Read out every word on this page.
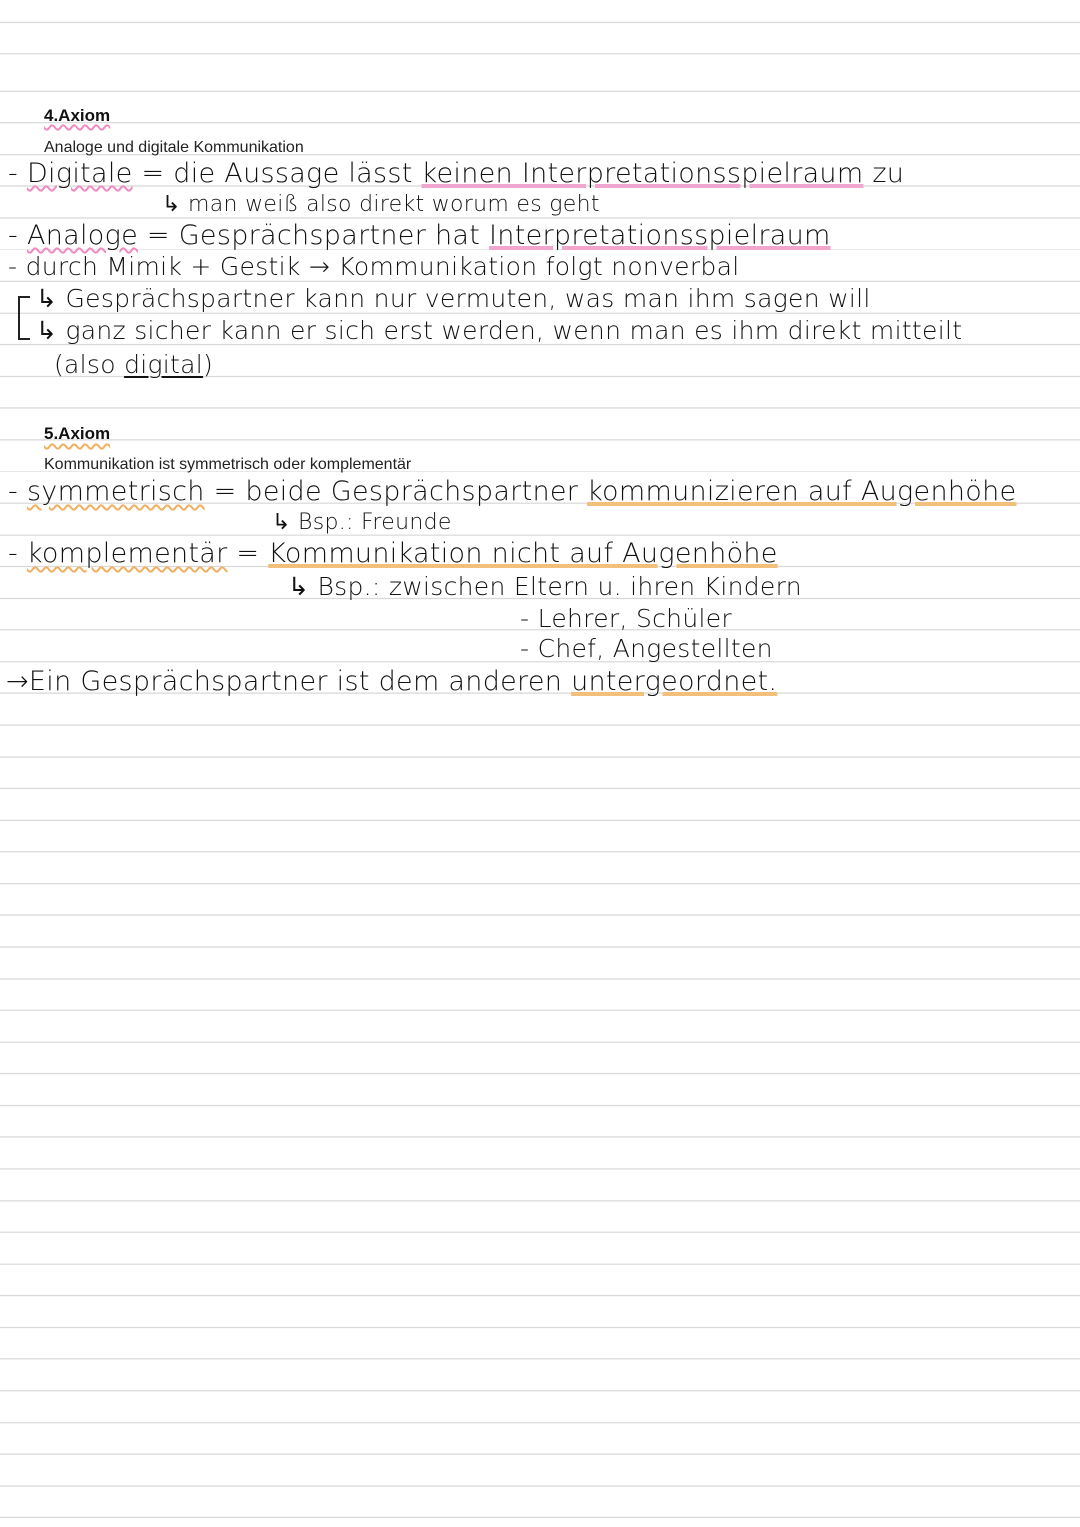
4.Axiom
Analoge und digitale Kommunikation
- Digitale = die Aussage lässt keinen Interpretationsspielraum zu
↳ man weiß also direkt worum es geht
- Analoge = Gesprächspartner hat Interpretationsspielraum
- durch Mimik + Gestik → Kommunikation folgt nonverbal
↳ Gesprächspartner kann nur vermuten, was man ihm sagen will
↳ ganz sicher kann er sich erst werden, wenn man es ihm direkt mitteilt
(also digital)
5.Axiom
Kommunikation ist symmetrisch oder komplementär
- symmetrisch = beide Gesprächspartner kommunizieren auf Augenhöhe
↳ Bsp.: Freunde
- komplementär = Kommunikation nicht auf Augenhöhe
↳ Bsp.: zwischen Eltern u. ihren Kindern
- Lehrer, Schüler
- Chef, Angestellten
→Ein Gesprächspartner ist dem anderen untergeordnet.
